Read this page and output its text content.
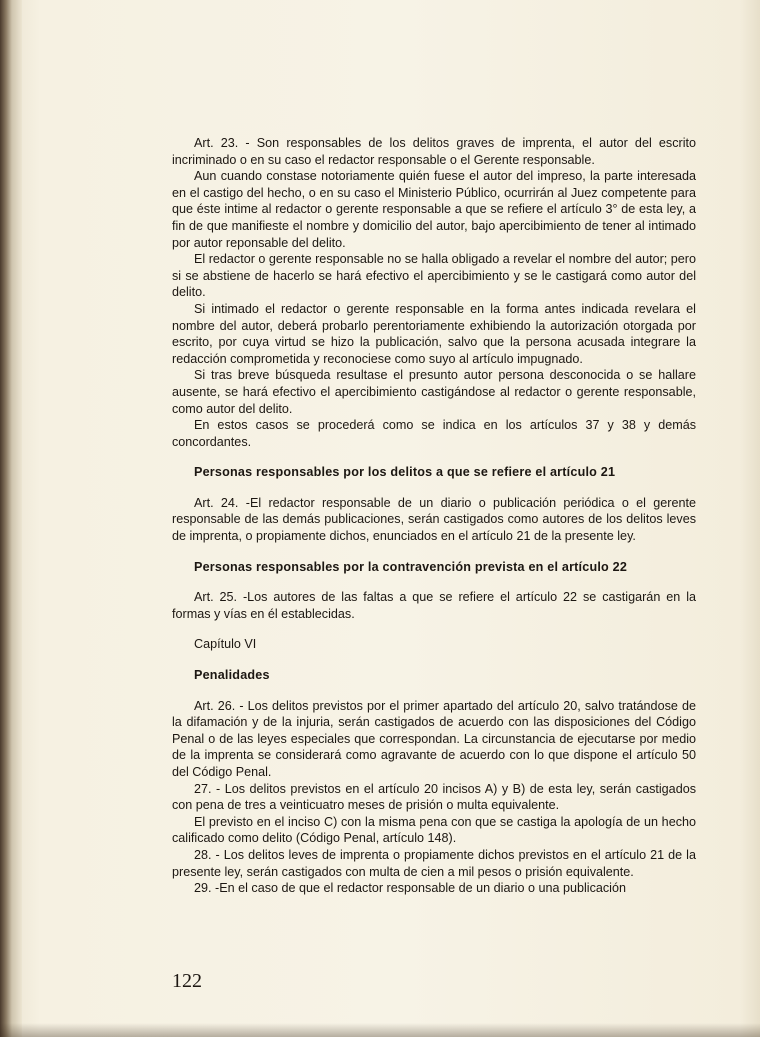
Art. 23. - Son responsables de los delitos graves de imprenta, el autor del escrito incriminado o en su caso el redactor responsable o el Gerente responsable.

Aun cuando constase notoriamente quién fuese el autor del impreso, la parte interesada en el castigo del hecho, o en su caso el Ministerio Público, ocurrirán al Juez competente para que éste intime al redactor o gerente responsable a que se refiere el artículo 3° de esta ley, a fin de que manifieste el nombre y domicilio del autor, bajo apercibimiento de tener al intimado por autor reponsable del delito.

El redactor o gerente responsable no se halla obligado a revelar el nombre del autor; pero si se abstiene de hacerlo se hará efectivo el apercibimiento y se le castigará como autor del delito.

Si intimado el redactor o gerente responsable en la forma antes indicada revelara el nombre del autor, deberá probarlo perentoriamente exhibiendo la autorización otorgada por escrito, por cuya virtud se hizo la publicación, salvo que la persona acusada integrare la redacción comprometida y reconociese como suyo al artículo impugnado.

Si tras breve búsqueda resultase el presunto autor persona desconocida o se hallare ausente, se hará efectivo el apercibimiento castigándose al redactor o gerente responsable, como autor del delito.

En estos casos se procederá como se indica en los artículos 37 y 38 y demás concordantes.

Personas responsables por los delitos a que se refiere el artículo 21

Art. 24. -El redactor responsable de un diario o publicación periódica o el gerente responsable de las demás publicaciones, serán castigados como autores de los delitos leves de imprenta, o propiamente dichos, enunciados en el artículo 21 de la presente ley.

Personas responsables por la contravención prevista en el artículo 22

Art. 25. -Los autores de las faltas a que se refiere el artículo 22 se castigarán en la formas y vías en él establecidas.

Capítulo VI

Penalidades

Art. 26. - Los delitos previstos por el primer apartado del artículo 20, salvo tratándose de la difamación y de la injuria, serán castigados de acuerdo con las disposiciones del Código Penal o de las leyes especiales que correspondan. La circunstancia de ejecutarse por medio de la imprenta se considerará como agravante de acuerdo con lo que dispone el artículo 50 del Código Penal.

27. - Los delitos previstos en el artículo 20 incisos A) y B) de esta ley, serán castigados con pena de tres a veinticuatro meses de prisión o multa equivalente.

El previsto en el inciso C) con la misma pena con que se castiga la apología de un hecho calificado como delito (Código Penal, artículo 148).

28. - Los delitos leves de imprenta o propiamente dichos previstos en el artículo 21 de la presente ley, serán castigados con multa de cien a mil pesos o prisión equivalente.

29. -En el caso de que el redactor responsable de un diario o una publicación

122
